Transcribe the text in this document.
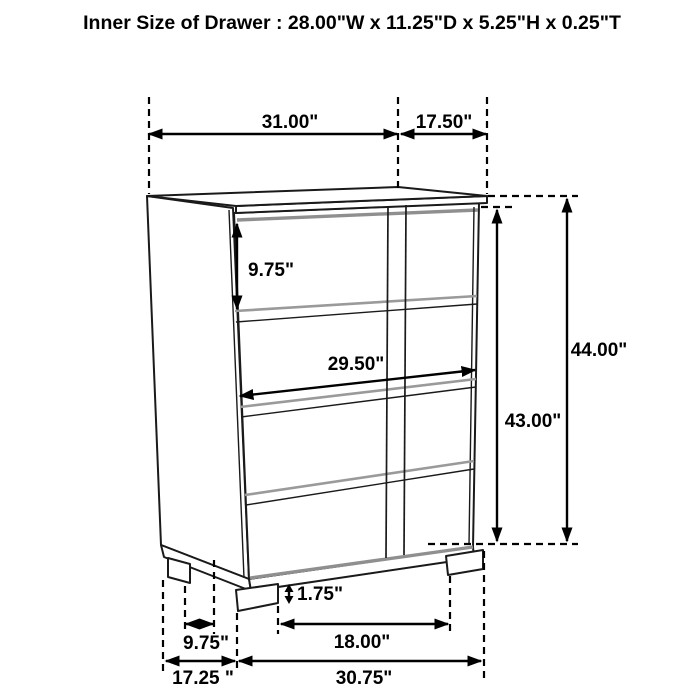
Inner Size of Drawer : 28.00"W x 11.25"D x 5.25"H x 0.25"T
31.00"	17.50"
9.75"
29.50"
43.00"
44.00"
1.75"
9.75"	18.00"
17.25 "	30.75"
